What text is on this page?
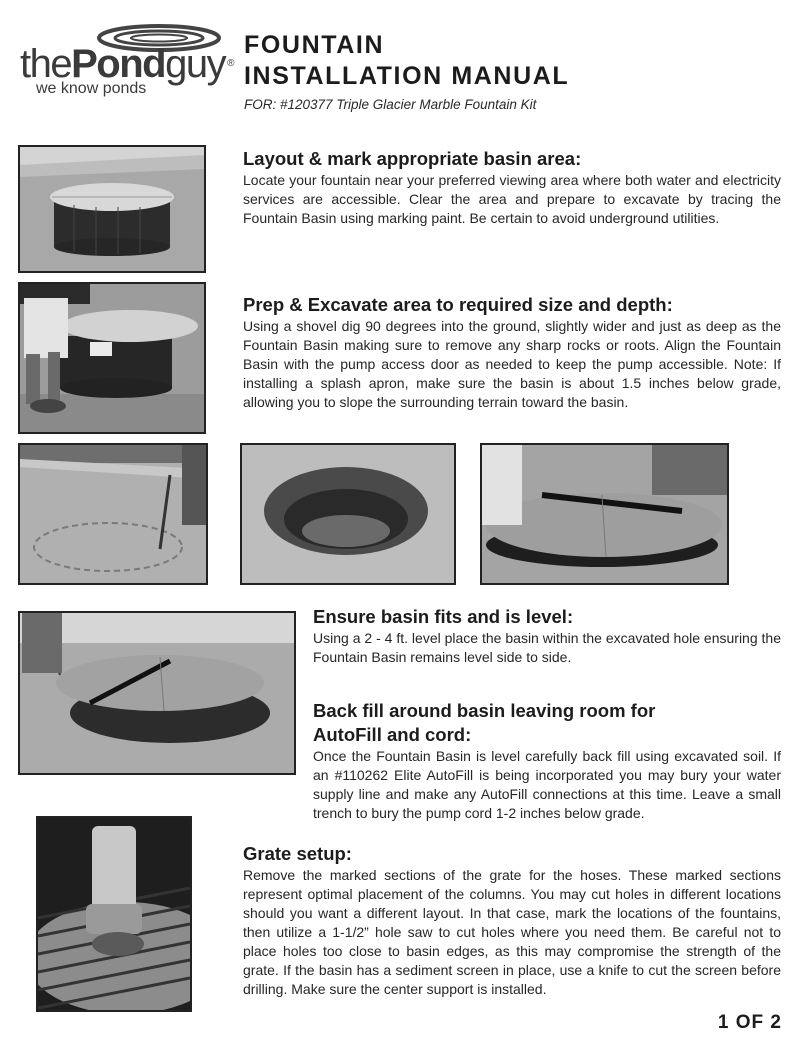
thePondguy ®
we know ponds
FOUNTAIN
INSTALLATION MANUAL
FOR: #120377 Triple Glacier Marble Fountain Kit
Layout & mark appropriate basin area:

Locate your fountain near your preferred viewing area where both water and electricity services are accessible. Clear the area and prepare to excavate by tracing the Fountain Basin using marking paint. Be certain to avoid underground utilities.

Prep & Excavate area to required size and depth:

Using a shovel dig 90 degrees into the ground, slightly wider and just as deep as the Fountain Basin making sure to remove any sharp rocks or roots. Align the Fountain Basin with the pump access door as needed to keep the pump accessible. Note: If installing a splash apron, make sure the basin is about 1.5 inches below grade, allowing you to slope the surrounding terrain toward the basin.

Ensure basin fits and is level:

Using a 2 - 4 ft. level place the basin within the excavated hole ensuring the Fountain Basin remains level side to side.

Back fill around basin leaving room for AutoFill and cord:

Once the Fountain Basin is level carefully back fill using excavated soil. If an #110262 Elite AutoFill is being incorporated you may bury your water supply line and make any AutoFill connections at this time. Leave a small trench to bury the pump cord 1-2 inches below grade.

Grate setup:

Remove the marked sections of the grate for the hoses. These marked sections represent optimal placement of the columns. You may cut holes in different locations should you want a different layout. In that case, mark the locations of the fountains, then utilize a 1-1/2” hole saw to cut holes where you need them. Be careful not to place holes too close to basin edges, as this may compromise the strength of the grate. If the basin has a sediment screen in place, use a knife to cut the screen before drilling. Make sure the center support is installed.

1 OF 2
